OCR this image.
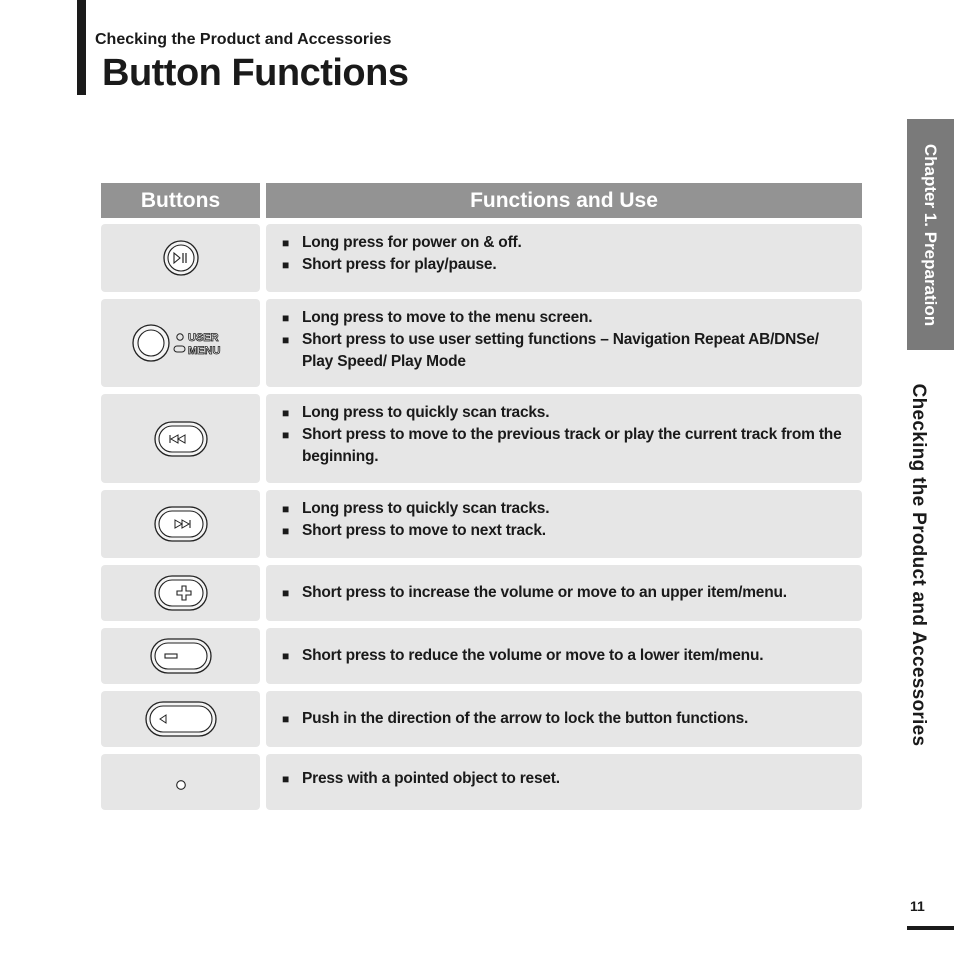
Checking the Product and Accessories
Button Functions
Buttons	Functions and Use
■ Long press for power on & off.
■ Short press for play/pause.
USER
MENU
■ Long press to move to the menu screen.
■ Short press to use user setting functions – Navigation Repeat AB/DNSe/ Play Speed/ Play Mode
■ Long press to quickly scan tracks.
■ Short press to move to the previous track or play the current track from the beginning.
■ Long press to quickly scan tracks.
■ Short press to move to next track.
■ Short press to increase the volume or move to an upper item/menu.
■ Short press to reduce the volume or move to a lower item/menu.
■ Push in the direction of the arrow to lock the button functions.
■ Press with a pointed object to reset.
Chapter 1. Preparation
Checking the Product and Accessories
11
